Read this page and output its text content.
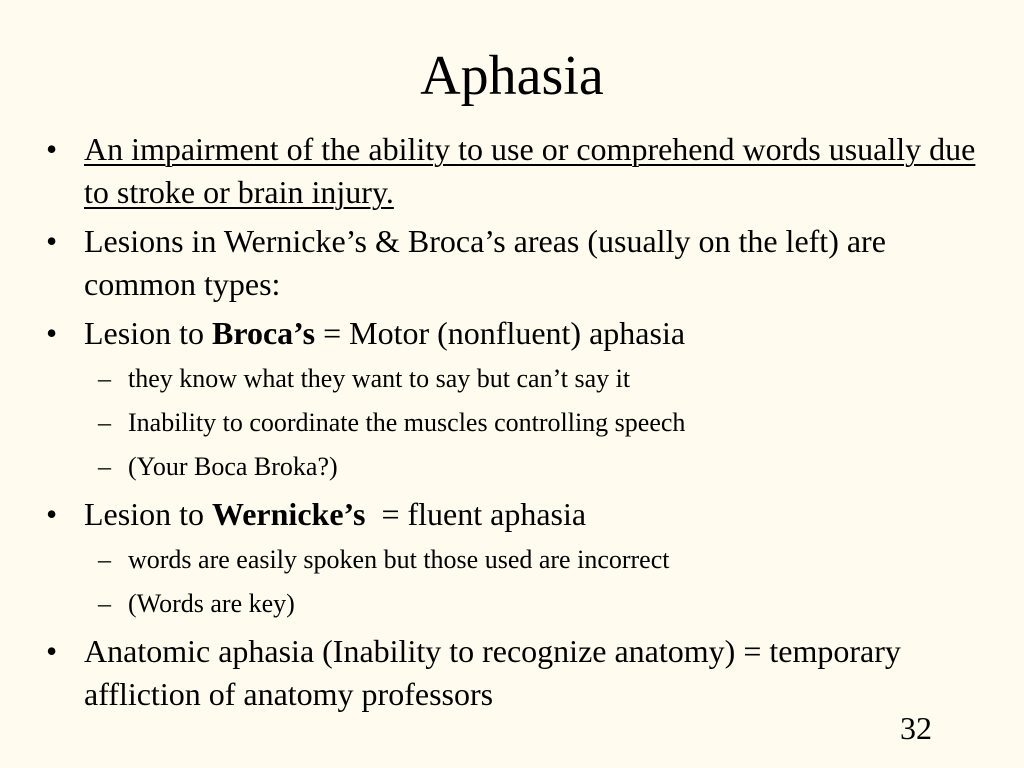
Aphasia
• An impairment of the ability to use or comprehend words usually due to stroke or brain injury.
• Lesions in Wernicke’s & Broca’s areas (usually on the left) are common types:
• Lesion to Broca’s = Motor (nonfluent) aphasia
– they know what they want to say but can’t say it
– Inability to coordinate the muscles controlling speech
– (Your Boca Broka?)
• Lesion to Wernicke’s  = fluent aphasia
– words are easily spoken but those used are incorrect
– (Words are key)
• Anatomic aphasia (Inability to recognize anatomy) = temporary affliction of anatomy professors
32
